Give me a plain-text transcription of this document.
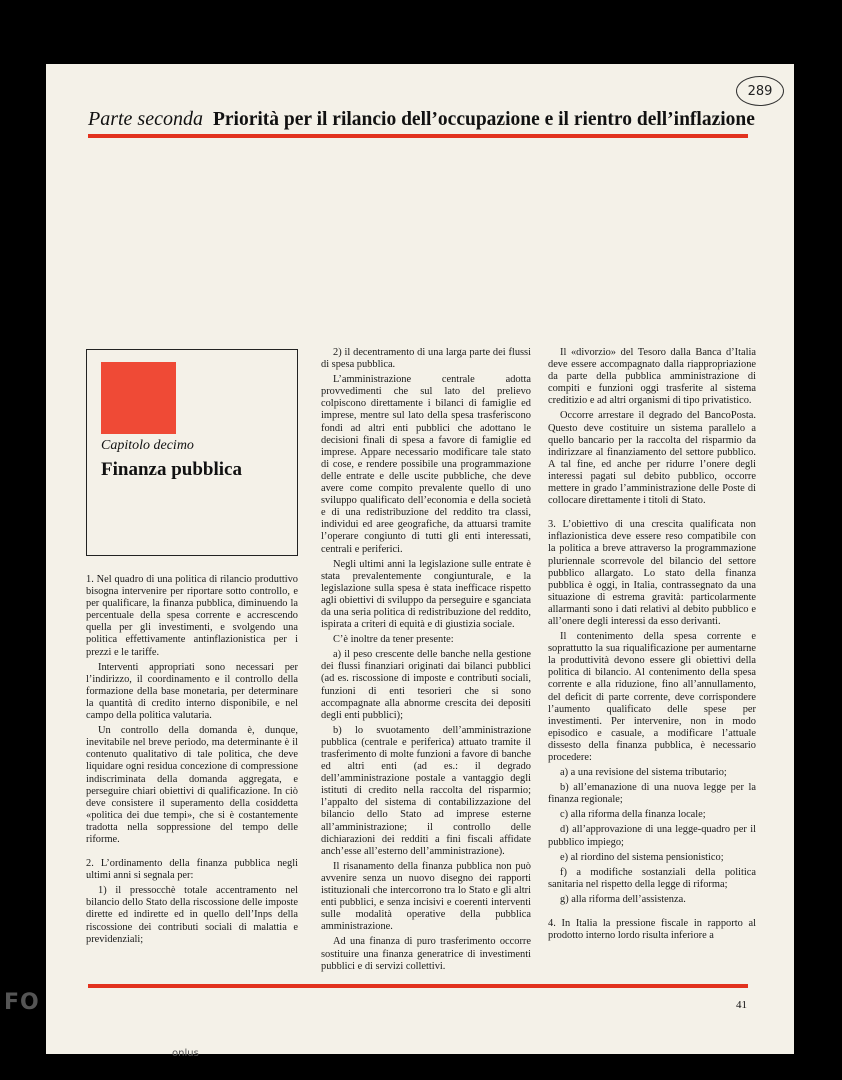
289
Parte seconda Priorità per il rilancio dell’occupazione e il rientro dell’inflazione
Capitolo decimo
Finanza pubblica

1. Nel quadro di una politica di rilancio produttivo bisogna intervenire per riportare sotto controllo, e per qualificare, la finanza pubblica, diminuendo la percentuale della spesa corrente e accrescendo quella per gli investimenti, e svolgendo una politica effettivamente antinflazionistica per i prezzi e le tariffe.

Interventi appropriati sono necessari per l’indirizzo, il coordinamento e il controllo della formazione della base monetaria, per determinare la quantità di credito interno disponibile, e nel campo della politica valutaria.

Un controllo della domanda è, dunque, inevitabile nel breve periodo, ma determinante è il contenuto qualitativo di tale politica, che deve liquidare ogni residua concezione di compressione indiscriminata della domanda aggregata, e perseguire chiari obiettivi di qualificazione. In ciò deve consistere il superamento della cosiddetta «politica dei due tempi», che si è costantemente tradotta nella soppressione del tempo delle riforme.

2. L’ordinamento della finanza pubblica negli ultimi anni si segnala per:

1) il pressocchè totale accentramento nel bilancio dello Stato della riscossione delle imposte dirette ed indirette ed in quello dell’Inps della riscossione dei contributi sociali di malattia e previdenziali;

2) il decentramento di una larga parte dei flussi di spesa pubblica.

L’amministrazione centrale adotta provvedimenti che sul lato del prelievo colpiscono direttamente i bilanci di famiglie ed imprese, mentre sul lato della spesa trasferiscono fondi ad altri enti pubblici che adottano le decisioni finali di spesa a favore di famiglie ed imprese. Appare necessario modificare tale stato di cose, e rendere possibile una programmazione delle entrate e delle uscite pubbliche, che deve avere come compito prevalente quello di uno sviluppo qualificato dell’economia e della società e di una redistribuzione del reddito tra classi, individui ed aree geografiche, da attuarsi tramite l’operare congiunto di tutti gli enti interessati, centrali e periferici.

Negli ultimi anni la legislazione sulle entrate è stata prevalentemente congiunturale, e la legislazione sulla spesa è stata inefficace rispetto agli obiettivi di sviluppo da perseguire e sganciata da una seria politica di redistribuzione del reddito, ispirata a criteri di equità e di giustizia sociale.

C’è inoltre da tener presente:

a) il peso crescente delle banche nella gestione dei flussi finanziari originati dai bilanci pubblici (ad es. riscossione di imposte e contributi sociali, funzioni di enti tesorieri che si sono accompagnate alla abnorme crescita dei depositi degli enti pubblici);

b) lo svuotamento dell’amministrazione pubblica (centrale e periferica) attuato tramite il trasferimento di molte funzioni a favore di banche ed altri enti (ad es.: il degrado dell’amministrazione postale a vantaggio degli istituti di credito nella raccolta del risparmio; l’appalto del sistema di contabilizzazione del bilancio dello Stato ad imprese esterne all’amministrazione; il controllo delle dichiarazioni dei redditi a fini fiscali affidate anch’esse all’esterno dell’amministrazione).

Il risanamento della finanza pubblica non può avvenire senza un nuovo disegno dei rapporti istituzionali che intercorrono tra lo Stato e gli altri enti pubblici, e senza incisivi e coerenti interventi sulle modalità operative della pubblica amministrazione.

Ad una finanza di puro trasferimento occorre sostituire una finanza generatrice di investimenti pubblici e di servizi collettivi.

Il «divorzio» del Tesoro dalla Banca d’Italia deve essere accompagnato dalla riappropriazione da parte della pubblica amministrazione di compiti e funzioni oggi trasferite al sistema creditizio e ad altri organismi di tipo privatistico.

Occorre arrestare il degrado del BancoPosta. Questo deve costituire un sistema parallelo a quello bancario per la raccolta del risparmio da indirizzare al finanziamento del settore pubblico. A tal fine, ed anche per ridurre l’onere degli interessi pagati sul debito pubblico, occorre mettere in grado l’amministrazione delle Poste di collocare direttamente i titoli di Stato.

3. L’obiettivo di una crescita qualificata non inflazionistica deve essere reso compatibile con la politica a breve attraverso la programmazione pluriennale scorrevole del bilancio del settore pubblico allargato. Lo stato della finanza pubblica è oggi, in Italia, contrassegnato da una situazione di estrema gravità: particolarmente allarmanti sono i dati relativi al debito pubblico e all’onere degli interessi da esso derivanti.

Il contenimento della spesa corrente e soprattutto la sua riqualificazione per aumentarne la produttività devono essere gli obiettivi della politica di bilancio. Al contenimento della spesa corrente e alla riduzione, fino all’annullamento, del deficit di parte corrente, deve corrispondere l’aumento qualificato delle spese per investimenti. Per intervenire, non in modo episodico e casuale, a modificare l’attuale dissesto della finanza pubblica, è necessario procedere:

a) a una revisione del sistema tributario;

b) all’emanazione di una nuova legge per la finanza regionale;

c) alla riforma della finanza locale;

d) all’approvazione di una legge-quadro per il pubblico impiego;

e) al riordino del sistema pensionistico;

f) a modifiche sostanziali della politica sanitaria nel rispetto della legge di riforma;

g) alla riforma dell’assistenza.

4. In Italia la pressione fiscale in rapporto al prodotto interno lordo risulta inferiore a

41
FO
onlus
